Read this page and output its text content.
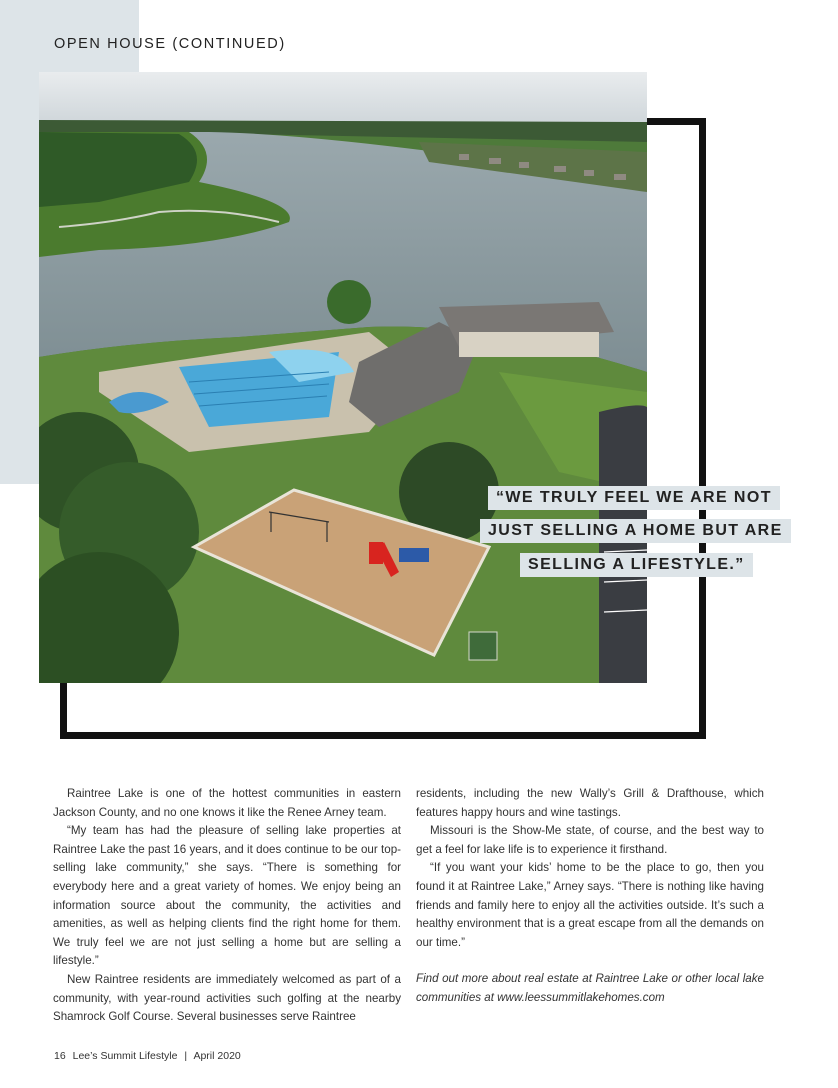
OPEN HOUSE (CONTINUED)
“WE TRULY FEEL WE ARE NOT
JUST SELLING A HOME BUT ARE
SELLING A LIFESTYLE.”

Raintree Lake is one of the hottest communities in eastern Jackson County, and no one knows it like the Renee Arney team.

“My team has had the pleasure of selling lake properties at Raintree Lake the past 16 years, and it does continue to be our top-selling lake community,” she says. “There is something for everybody here and a great variety of homes. We enjoy being an information source about the community, the activities and amenities, as well as helping clients find the right home for them. We truly feel we are not just selling a home but are selling a lifestyle.”

New Raintree residents are immediately welcomed as part of a community, with year-round activities such golfing at the nearby Shamrock Golf Course. Several businesses serve Raintree

residents, including the new Wally’s Grill & Drafthouse, which features happy hours and wine tastings.

Missouri is the Show-Me state, of course, and the best way to get a feel for lake life is to experience it firsthand.

“If you want your kids’ home to be the place to go, then you found it at Raintree Lake,” Arney says. “There is nothing like having friends and family here to enjoy all the activities outside. It’s such a healthy environment that is a great escape from all the demands on our time.”

Find out more about real estate at Raintree Lake or other local lake communities at www.leessummitlakehomes.com

16 Lee’s Summit Lifestyle | April 2020
